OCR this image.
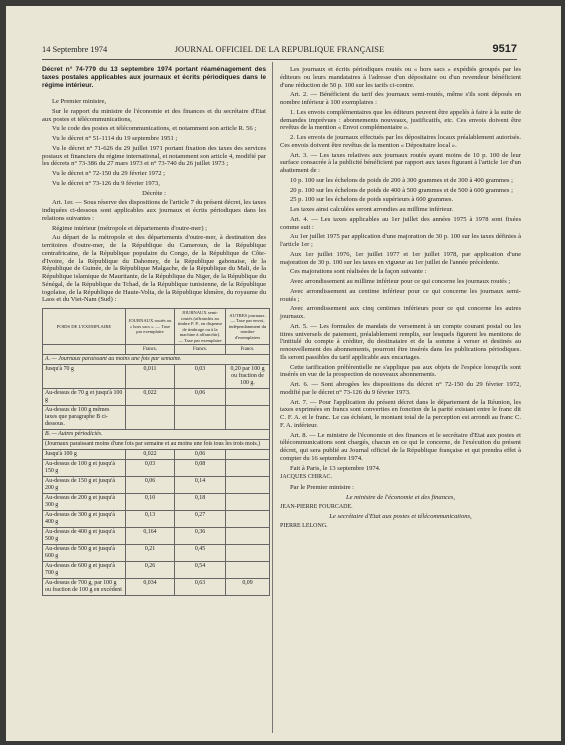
14 Septembre 1974	JOURNAL OFFICIEL DE LA REPUBLIQUE FRANÇAISE	9517

Décret n° 74-779 du 13 septembre 1974 portant réaménagement des taxes postales applicables aux journaux et écrits périodiques dans le régime intérieur.

Le Premier ministre,

Sur le rapport du ministre de l'économie et des finances et du secrétaire d'Etat aux postes et télécommunications,

Vu le code des postes et télécommunications, et notamment son article R. 56 ;

Vu le décret n° 51-1114 du 19 septembre 1951 ;

Vu le décret n° 71-626 du 29 juillet 1971 portant fixation des taxes des services postaux et financiers du régime international, et notamment son article 4, modifié par les décrets n° 73-386 du 27 mars 1973 et n° 73-740 du 26 juillet 1973 ;

Vu le décret n° 72-150 du 29 février 1972 ;

Vu le décret n° 73-126 du 9 février 1973,

Décrète :

Art. 1er. — Sous réserve des dispositions de l'article 7 du présent décret, les taxes indiquées ci-dessous sont applicables aux journaux et écrits périodiques dans les relations suivantes :

Régime intérieur (métropole et départements d'outre-mer) ;

Au départ de la métropole et des départements d'outre-mer, à destination des territoires d'outre-mer, de la République du Cameroun, de la République centrafricaine, de la République populaire du Congo, de la République de Côte-d'Ivoire, de la République du Dahomey, de la République gabonaise, de la République de Guinée, de la République Malgache, de la République du Mali, de la République islamique de Mauritanie, de la République du Niger, de la République du Sénégal, de la République du Tchad, de la République tunisienne, de la République togolaise, de la République de Haute-Volta, de la République khmère, du royaume du Laos et du Viet-Nam (Sud) :

POIDS DE L'EXEMPLAIRE	JOURNAUX routés ou « hors sacs ». — Taxe par exemplaire	JOURNAUX semi-routés (affranchis au timbre P. P., en dispense de timbrage ou à la machine à affranchir). — Taxe par exemplaire	AUTRES journaux. — Taxe par envoi, indépendamment du nombre d'exemplaires
	Francs.	Francs.	Francs.
A. — Journaux paraissant au moins une fois par semaine.			
Jusqu'à 70 g	0,011	0,03	0,20 par 100 g ou fraction de 100 g.
Au-dessus de 70 g et jusqu'à 100 g	0,022	0,06	
Au-dessus de 100 g mêmes taxes que paragraphe B ci-dessous.			
B. — Autres périodiciés.			
(Journaux paraissant moins d'une fois par semaine et au moins une fois tous les trois mois.)			
Jusqu'à 100 g	0,022	0,06	
Au-dessus de 100 g et jusqu'à 150 g	0,03	0,08	
Au-dessus de 150 g et jusqu'à 200 g	0,06	0,14	
Au-dessus de 200 g et jusqu'à 300 g	0,10	0,18	
Au-dessus de 300 g et jusqu'à 400 g	0,13	0,27	
Au-dessus de 400 g et jusqu'à 500 g	0,164	0,36	
Au-dessus de 500 g et jusqu'à 600 g	0,21	0,45	
Au-dessus de 600 g et jusqu'à 700 g	0,26	0,54	
Au-dessus de 700 g, par 100 g ou fraction de 100 g en excédent	0,034	0,63	0,09

Les journaux et écrits périodiques routés ou « hors sacs » expédiés groupés par les éditeurs ou leurs mandataires à l'adresse d'un dépositaire ou d'un revendeur bénéficient d'une réduction de 50 p. 100 sur les tarifs ci-contre.

Art. 2. — Bénéficient du tarif des journaux semi-routés, même s'ils sont déposés en nombre inférieur à 100 exemplaires :

1. Les envois complémentaires que les éditeurs peuvent être appelés à faire à la suite de demandes imprévues : abonnements nouveaux, justificatifs, etc. Ces envois doivent être revêtus de la mention « Envoi complémentaire ».

2. Les envois de journaux effectués par les dépositaires locaux préalablement autorisés. Ces envois doivent être revêtus de la mention « Dépositaire local ».

Art. 3. — Les taxes relatives aux journaux routés ayant moins de 10 p. 100 de leur surface consacrée à la publicité bénéficient par rapport aux taxes figurant à l'article 1er d'un abattement de :

10 p. 100 sur les échelons de poids de 200 à 300 grammes et de 300 à 400 grammes ;

20 p. 100 sur les échelons de poids de 400 à 500 grammes et de 500 à 600 grammes ;

25 p. 100 sur les échelons de poids supérieurs à 600 grammes.

Les taxes ainsi calculées seront arrondies au millime inférieur.

Art. 4. — Les taxes applicables au 1er juillet des années 1975 à 1978 sont fixées comme suit :

Au 1er juillet 1975 par application d'une majoration de 30 p. 100 sur les taxes définies à l'article 1er ;

Aux 1er juillet 1976, 1er juillet 1977 et 1er juillet 1978, par application d'une majoration de 30 p. 100 sur les taxes en vigueur au 1er juillet de l'année précédente.

Ces majorations sont réalisées de la façon suivante :

Avec arrondissement au millime inférieur pour ce qui concerne les journaux routés ;

Avec arrondissement au centime inférieur pour ce qui concerne les journaux semi-routés ;

Avec arrondissement aux cinq centimes inférieurs pour ce qui concerne les autres journaux.

Art. 5. — Les formules de mandats de versement à un compte courant postal ou les titres universels de paiement, préalablement remplis, sur lesquels figurent les mentions de l'intitulé du compte à créditer, du destinataire et de la somme à verser et destinés au renouvellement des abonnements, pourront être insérés dans les publications périodiques. Ils seront passibles du tarif applicable aux encartages.

Cette tarification préférentielle ne s'applique pas aux objets de l'espèce lorsqu'ils sont insérés en vue de la prospection de nouveaux abonnements.

Art. 6. — Sont abrogées les dispositions du décret n° 72-150 du 29 février 1972, modifié par le décret n° 73-126 du 9 février 1973.

Art. 7. — Pour l'application du présent décret dans le département de la Réunion, les taxes exprimées en francs sont converties en fonction de la parité existant entre le franc dit C. F. A. et le franc. Le cas échéant, le montant total de la perception est arrondi au franc C. F. A. inférieur.

Art. 8. — Le ministre de l'économie et des finances et le secrétaire d'Etat aux postes et télécommunications sont chargés, chacun en ce qui le concerne, de l'exécution du présent décret, qui sera publié au Journal officiel de la République française et qui prendra effet à compter du 16 septembre 1974.

Fait à Paris, le 13 septembre 1974.

JACQUES CHIRAC.

Par le Premier ministre :

Le ministre de l'économie et des finances,

JEAN-PIERRE FOURCADE.

Le secrétaire d'Etat aux postes et télécommunications,

PIERRE LELONG.
